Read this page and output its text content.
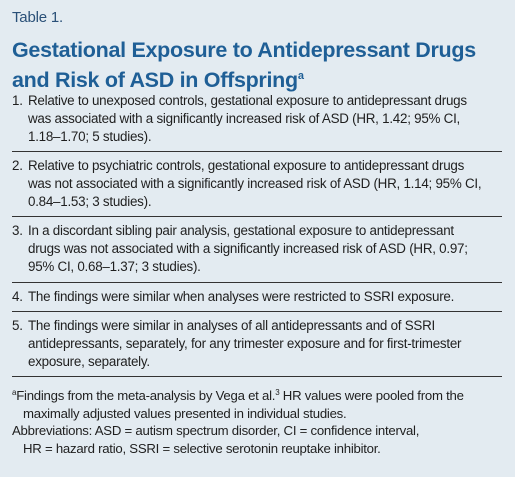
Table 1.
Gestational Exposure to Antidepressant Drugs
and Risk of ASD in Offspring$^a$
1. Relative to unexposed controls, gestational exposure to antidepressant drugs
was associated with a significantly increased risk of ASD (HR, 1.42; 95% CI,
1.18–1.70; 5 studies).
2. Relative to psychiatric controls, gestational exposure to antidepressant drugs
was not associated with a significantly increased risk of ASD (HR, 1.14; 95% CI,
0.84–1.53; 3 studies).
3. In a discordant sibling pair analysis, gestational exposure to antidepressant
drugs was not associated with a significantly increased risk of ASD (HR, 0.97;
95% CI, 0.68–1.37; 3 studies).
4. The findings were similar when analyses were restricted to SSRI exposure.
5. The findings were similar in analyses of all antidepressants and of SSRI
antidepressants, separately, for any trimester exposure and for first-trimester
exposure, separately.
$^a$Findings from the meta-analysis by Vega et al.$^3$ HR values were pooled from the
maximally adjusted values presented in individual studies.
Abbreviations: ASD = autism spectrum disorder, CI = confidence interval,
HR = hazard ratio, SSRI = selective serotonin reuptake inhibitor.
